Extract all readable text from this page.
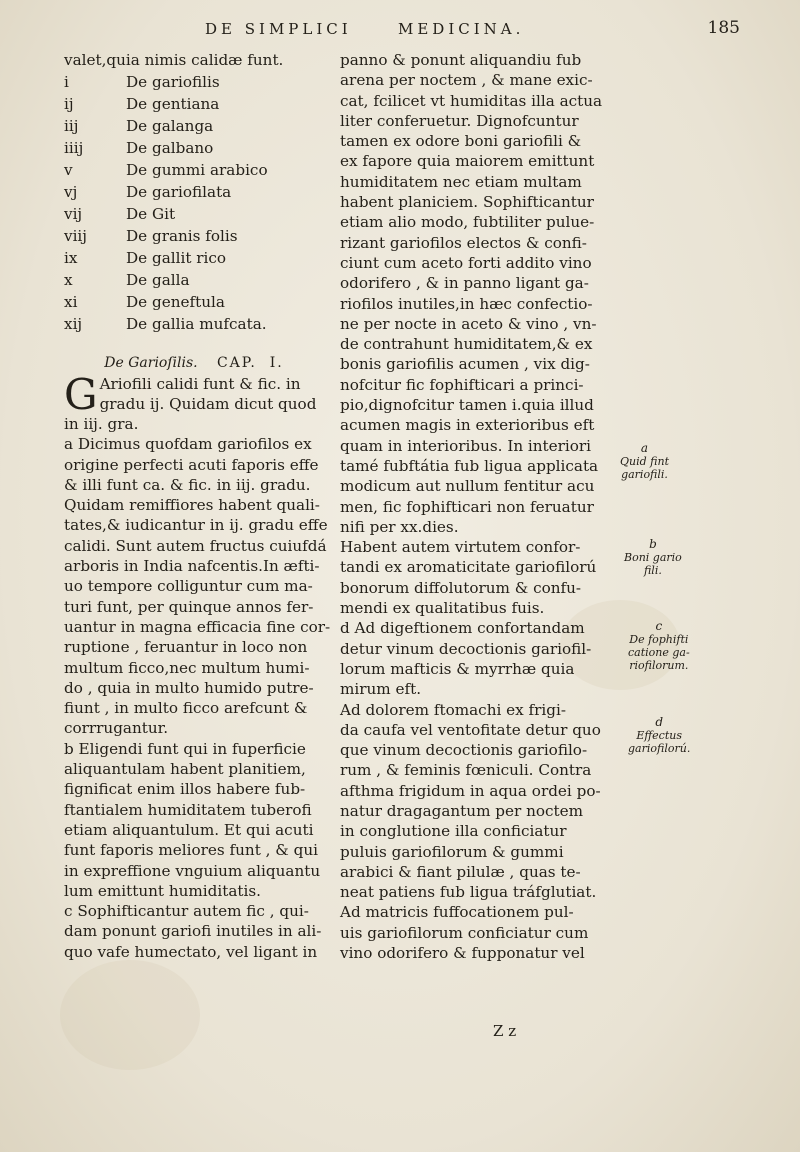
DE SIMPLICI	MEDICINA.	185
valet,quia nimis calidæ funt.
i	De gariofilis
ij	De gentiana
iij	De galanga
iiij	De galbano
v	De gummi arabico
vj	De gariofilata
vij	De Git
viij	De granis folis
ix	De gallit rico
x	De galla
xi	De geneftula
xij	De gallia mufcata.
De Garioſilis. CAP. I.
G Ariofili calidi funt & fic. in
gradu ij. Quidam dicut quod
in iij. gra.
a Dicimus quofdam gariofilos ex
origine perfecti acuti faporis effe
& illi funt ca. & fic. in iij. gradu.
Quidam remiffiores habent quali-
tates,& iudicantur in ij. gradu effe
calidi. Sunt autem fructus cuiufdá
arboris in India nafcentis.In æfti-
uo tempore colliguntur cum ma-
turi funt, per quinque annos fer-
uantur in magna efficacia fine cor-
ruptione , feruantur in loco non
multum ficco,nec multum humi-
do , quia in multo humido putre-
fiunt , in multo ficco arefcunt &
corrrugantur.
b Eligendi funt qui in fuperficie
aliquantulam habent planitiem,
fignificat enim illos habere fub-
ftantialem humiditatem tuberofi
etiam aliquantulum. Et qui acuti
funt faporis meliores funt , & qui
in expreffione vnguium aliquantu
lum emittunt humiditatis.
c Sophifticantur autem fic , qui-
dam ponunt gariofi inutiles in ali-
quo vafe humectato, vel ligant in
panno & ponunt aliquandiu fub
arena per noctem , & mane exic-
cat, fcilicet vt humiditas illa actua
liter conferuetur. Dignofcuntur
tamen ex odore boni gariofili &
ex fapore quia maiorem emittunt
humiditatem nec etiam multam
habent planiciem. Sophifticantur
etiam alio modo, fubtiliter pulue-
rizant gariofilos electos & confi-
ciunt cum aceto forti addito vino
odorifero , & in panno ligant ga-
riofilos inutiles,in hæc confectio-
ne per nocte in aceto & vino , vn-
de contrahunt humiditatem,& ex
bonis gariofilis acumen , vix dig-
nofcitur fic fophifticari a princi-
pio,dignofcitur tamen i.quia illud
acumen magis in exterioribus eft
quam in interioribus. In interiori
tamé fubftátia fub ligua applicata
modicum aut nullum fentitur acu
men, fic fophifticari non feruatur
nifi per xx.dies.
Habent autem virtutem confor-
tandi ex aromaticitate gariofilorú
bonorum diffolutorum & confu-
mendi ex qualitatibus fuis.
d Ad digeftionem confortandam
detur vinum decoctionis gariofil-
lorum mafticis & myrrhæ quia
mirum eft.
Ad dolorem ftomachi ex frigi-
da caufa vel ventofitate detur quo
que vinum decoctionis gariofilo-
rum , & feminis fœniculi. Contra
afthma frigidum in aqua ordei po-
natur dragagantum per noctem
in conglutione illa conficiatur
puluis gariofilorum & gummi
arabici & fiant pilulæ , quas te-
neat patiens fub ligua tráfglutiat.
Ad matricis fuffocationem pul-
uis gariofilorum conficiatur cum
vino odorifero & fupponatur vel
a
Quid fint
gariofili.
b
Boni gario
fili.
c
De fophifti
catione ga-
riofilorum.
d
Effectus
gariofilorú.
Z z
